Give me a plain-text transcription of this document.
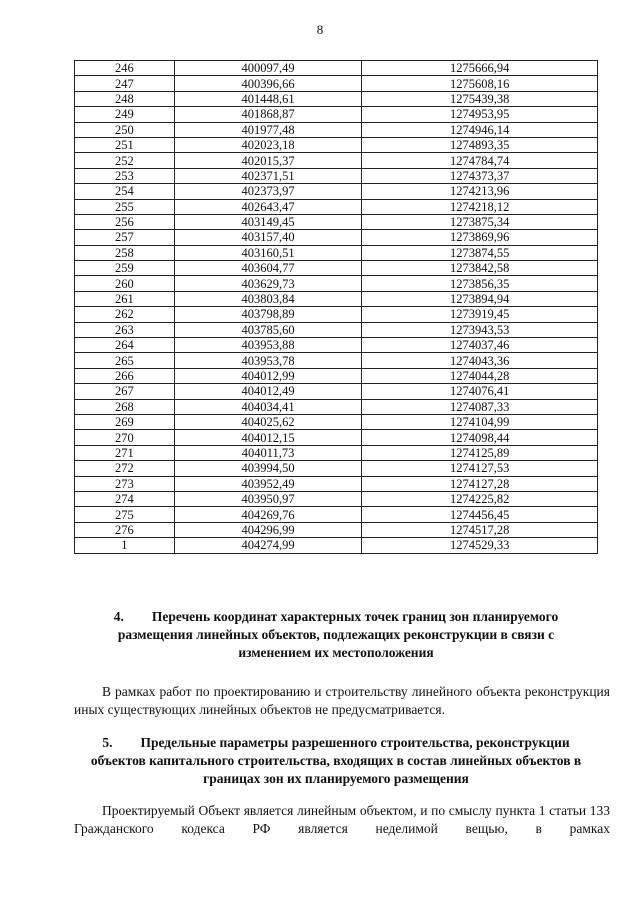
8
246	400097,49	1275666,94
247	400396,66	1275608,16
248	401448,61	1275439,38
249	401868,87	1274953,95
250	401977,48	1274946,14
251	402023,18	1274893,35
252	402015,37	1274784,74
253	402371,51	1274373,37
254	402373,97	1274213,96
255	402643,47	1274218,12
256	403149,45	1273875,34
257	403157,40	1273869,96
258	403160,51	1273874,55
259	403604,77	1273842,58
260	403629,73	1273856,35
261	403803,84	1273894,94
262	403798,89	1273919,45
263	403785,60	1273943,53
264	403953,88	1274037,46
265	403953,78	1274043,36
266	404012,99	1274044,28
267	404012,49	1274076,41
268	404034,41	1274087,33
269	404025,62	1274104,99
270	404012,15	1274098,44
271	404011,73	1274125,89
272	403994,50	1274127,53
273	403952,49	1274127,28
274	403950,97	1274225,82
275	404269,76	1274456,45
276	404296,99	1274517,28
1	404274,99	1274529,33
4. Перечень координат характерных точек границ зон планируемого
размещения линейных объектов, подлежащих реконструкции в связи с
изменением их местоположения
В рамках работ по проектированию и строительству линейного объекта реконструкция иных существующих линейных объектов не предусматривается.
5. Предельные параметры разрешенного строительства, реконструкции
объектов капитального строительства, входящих в состав линейных объектов в
границах зон их планируемого размещения
Проектируемый Объект является линейным объектом, и по смыслу пункта 1 статьи 133 Гражданского кодекса РФ является неделимой вещью, в рамках
